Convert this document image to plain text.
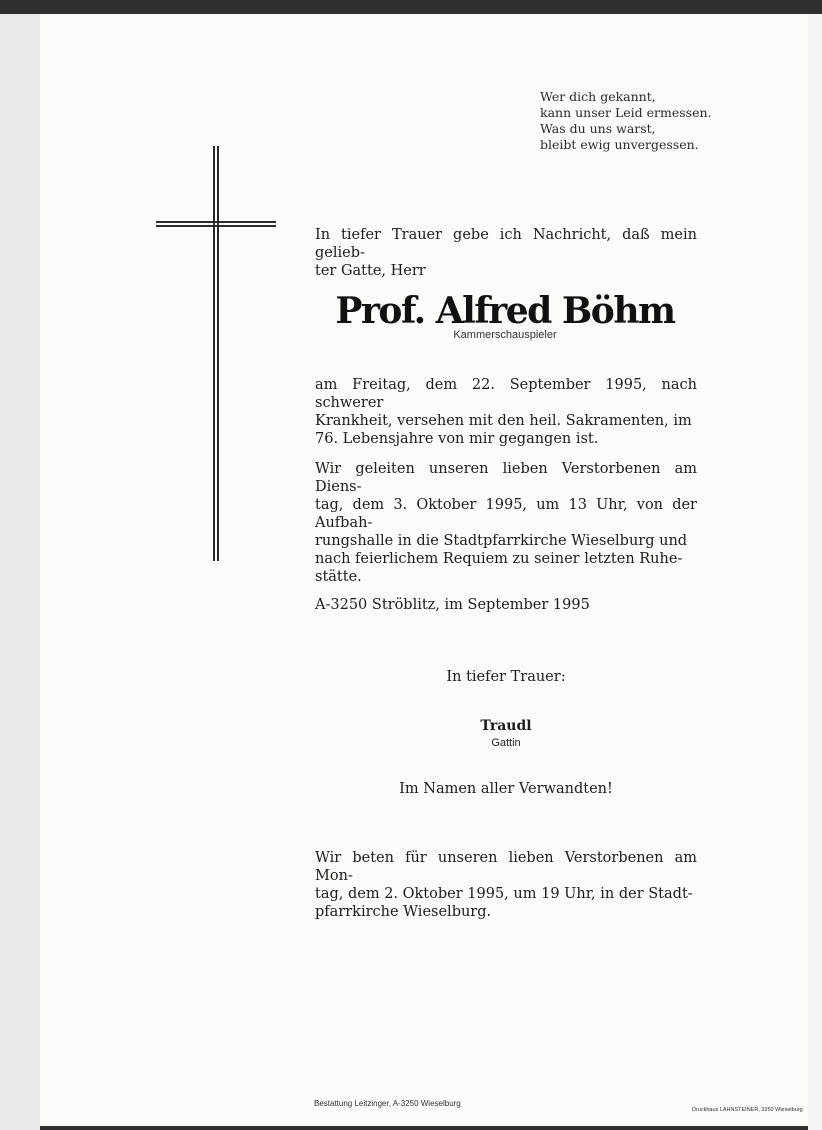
Wer dich gekannt,
kann unser Leid ermessen.
Was du uns warst,
bleibt ewig unvergessen.
In tiefer Trauer gebe ich Nachricht, daß mein gelieb-
ter Gatte, Herr
Prof. Alfred Böhm
Kammerschauspieler
am Freitag, dem 22. September 1995, nach schwerer
Krankheit, versehen mit den heil. Sakramenten, im
76. Lebensjahre von mir gegangen ist.
Wir geleiten unseren lieben Verstorbenen am Diens-
tag, dem 3. Oktober 1995, um 13 Uhr, von der Aufbah-
rungshalle in die Stadtpfarrkirche Wieselburg und
nach feierlichem Requiem zu seiner letzten Ruhe-
stätte.
A-3250 Ströblitz, im September 1995
In tiefer Trauer:
Traudl
Gattin
Im Namen aller Verwandten!
Wir beten für unseren lieben Verstorbenen am Mon-
tag, dem 2. Oktober 1995, um 19 Uhr, in der Stadt-
pfarrkirche Wieselburg.
Bestattung Leitzinger, A-3250 Wieselburg
Druckhaus LAHNSTEINER, 3250 Wieselburg
